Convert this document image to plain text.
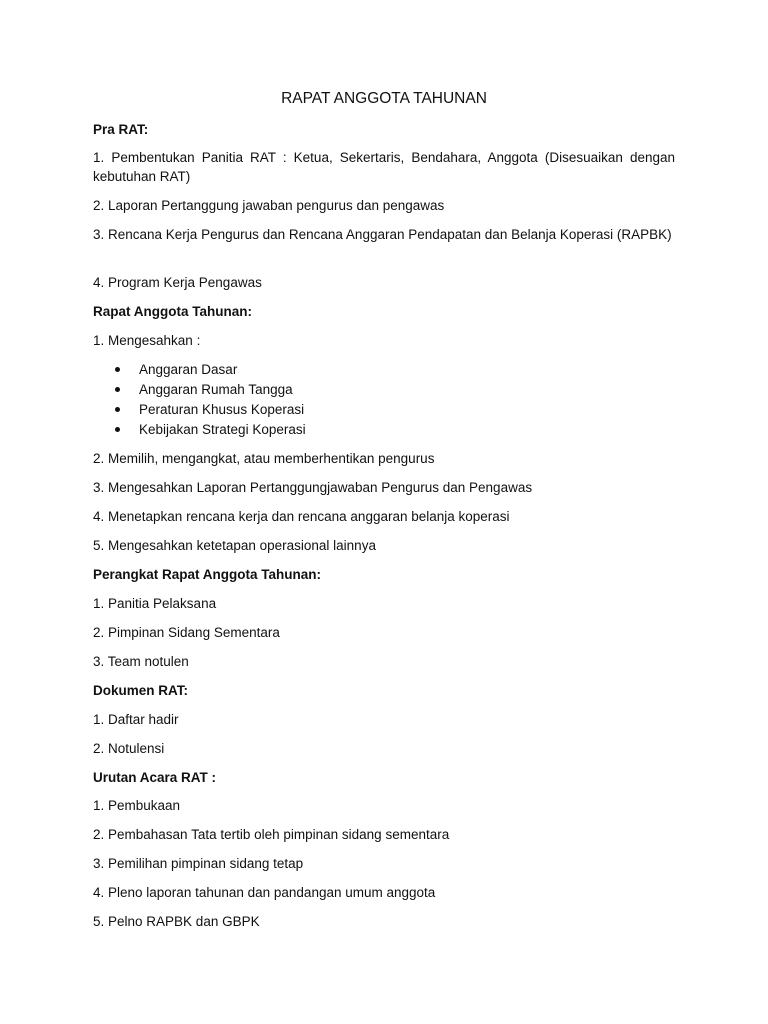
RAPAT ANGGOTA TAHUNAN
Pra RAT:
1. Pembentukan Panitia RAT : Ketua, Sekertaris, Bendahara, Anggota (Disesuaikan dengan kebutuhan RAT)
2. Laporan Pertanggung jawaban pengurus dan pengawas
3. Rencana Kerja Pengurus dan Rencana Anggaran Pendapatan dan Belanja Koperasi (RAPBK)
4. Program Kerja Pengawas
Rapat Anggota Tahunan:
1. Mengesahkan :
Anggaran Dasar
Anggaran Rumah Tangga
Peraturan Khusus Koperasi
Kebijakan Strategi Koperasi
2. Memilih, mengangkat, atau memberhentikan pengurus
3. Mengesahkan Laporan Pertanggungjawaban Pengurus dan Pengawas
4. Menetapkan rencana kerja dan rencana anggaran belanja koperasi
5. Mengesahkan ketetapan operasional lainnya
Perangkat Rapat Anggota Tahunan:
1. Panitia Pelaksana
2. Pimpinan Sidang Sementara
3. Team notulen
Dokumen RAT:
1. Daftar hadir
2. Notulensi
Urutan Acara RAT :
1. Pembukaan
2. Pembahasan Tata tertib oleh pimpinan sidang sementara
3. Pemilihan pimpinan sidang tetap
4. Pleno laporan tahunan dan pandangan umum anggota
5. Pelno RAPBK dan GBPK
